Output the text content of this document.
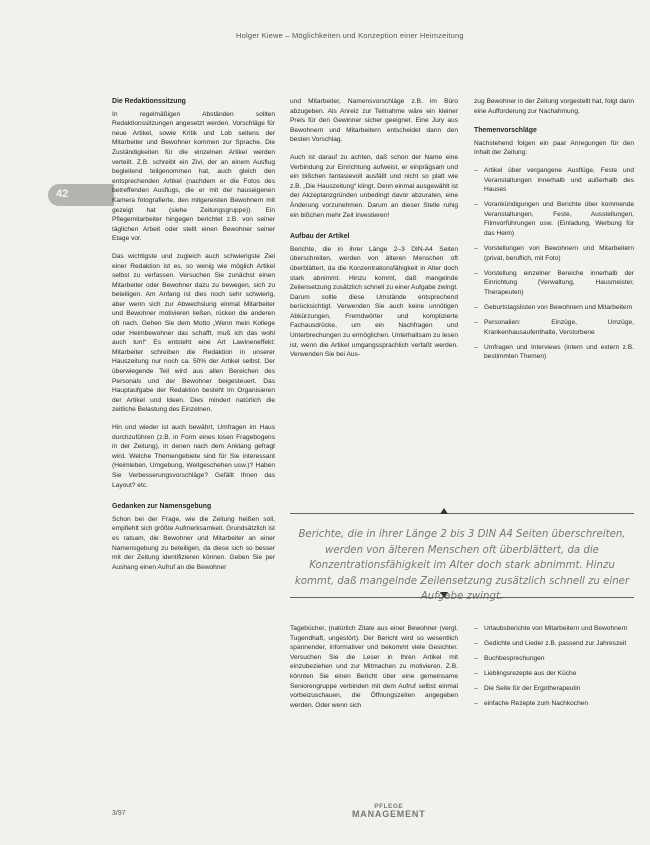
Holger Kiewe – Möglichkeiten und Konzeption einer Heimzeitung
42
Die Redaktionssitzung

In regelmäßigen Abständen sollten Redaktionssitzungen angesetzt werden. Vorschläge für neue Artikel, sowie Kritik und Lob seitens der Mitarbeiter und Bewohner kommen zur Sprache. Die Zuständigkeiten für die einzelnen Artikel werden verteilt. Z.B. schreibt ein Zivi, der an einem Ausflug begleitend teilgenommen hat, auch gleich den entsprechenden Artikel (nachdem er die Fotos des betreffenden Ausflugs, die er mit der hauseigenen Kamera fotografierte, den mitgereisten Bewohnern mit gezeigt hat (siehe Zeitungsgruppe)). Ein Pflegemitarbeiter hingegen berichtet z.B. von seiner täglichen Arbeit oder stellt einen Bewohner seiner Etage vor.

Das wichtigste und zugleich auch schwierigste Ziel einer Redaktion ist es, so wenig wie möglich Artikel selbst zu verfassen. Versuchen Sie zunächst einen Mitarbeiter oder Bewohner dazu zu bewegen, sich zu beteiligen. Am Anfang ist dies noch sehr schwierig, aber wenn sich zur Abwechslung einmal Mitarbeiter und Bewohner motivieren ließen, rücken die anderen oft nach. Gehen Sie dem Motto „Wenn mein Kollege oder Heimbewohner das schafft, muß ich das wohl auch tun!“ Es entsteht eine Art Lawineneffekt: Mitarbeiter schreiben die Redaktion in unserer Hauszeitung nur noch ca. 50% der Artikel selbst. Der überwiegende Teil wird aus allen Bereichen des Personals und der Bewohner beigesteuert. Das Hauptaufgabe der Redaktion besteht im Organisieren der Artikel und Ideen. Dies mindert natürlich die zeitliche Belastung des Einzelnen.

Hin und wieder ist auch bewährt, Umfragen im Haus durchzuführen (z.B. in Form eines losen Fragebogens in der Zeitung), in denen nach dem Anklang gefragt wird. Welche Themengebiete sind für Sie interessant (Heimleben, Umgebung, Weitgeschehen usw.)? Haben Sie Verbesserungsvorschläge? Gefällt Ihnen das Layout? etc.

Gedanken zur Namensgebung

Schon bei der Frage, wie die Zeitung heißen soll, empfiehlt sich größte Aufmerksamkeit. Grundsätzlich ist es ratsam, die Bewohner und Mitarbeiter an einer Namensgebung zu beteiligen, da diese sich so besser mit der Zeitung identifizieren können. Geben Sie per Aushang einen Aufruf an die Bewohner

und Mitarbeiter, Namensvorschläge z.B. im Büro abzugeben. Als Anreiz zur Teilnahme wäre ein kleiner Preis für den Gewinner sicher geeignet. Eine Jury aus Bewohnern und Mitarbeitern entscheidet dann den besten Vorschlag.

Auch ist darauf zu achten, daß schon der Name eine Verbindung zur Einrichtung aufweist, er einprägsam und ein bißchen fantasievoll ausfällt und nicht so platt wie z.B. „Die Hauszeitung“ klingt. Denn einmal ausgewählt ist der Akzeptanzgründen unbedingt davor abzuraten, eine Änderung vorzunehmen. Darum an dieser Stelle ruhig ein bißchen mehr Zeit investieren!

Aufbau der Artikel

Berichte, die in ihrer Länge 2–3 DIN-A4 Seiten überschreiten, werden von älteren Menschen oft überblättert, da die Konzentrationsfähigkeit in Alter doch stark abnimmt. Hinzu kommt, daß mangelnde Zeilensetzung zusätzlich schnell zu einer Aufgabe zwingt. Darum sollte diese Umstände entsprechend berücksichtigt. Verwenden Sie auch keine unnötigen Abkürzungen, Fremdwörter und komplizierte Fachausdrücke, um ein Nachfragen und Unterbrechungen zu ermöglichen. Unterhaltsam zu lesen ist, wenn die Artikel umgangssprachlich verfaßt werden. Verwenden Sie bei Aus-

zug Bewohner in der Zeitung vorgestellt hat, folgt dann eine Aufforderung zur Nachahmung.

Themenvorschläge

Nachstehend folgen ein paar Anregungen für den Inhalt der Zeitung:

– Artikel über vergangene Ausflüge, Feste und Veranstaltungen innerhalb und außerhalb des Hauses
– Vorankündigungen und Berichte über kommende Veranstaltungen, Feste, Ausstellungen, Filmvorführungen usw. (Einladung, Werbung für das Heim)
– Vorstellungen von Bewohnern und Mitarbeitern (privat, beruflich, mit Foto)
– Vorstellung einzelner Bereiche innerhalb der Einrichtung (Verwaltung, Hausmeister, Therapeuten)
– Geburtstagslisten von Bewohnern und Mitarbeitern
– Personalien: Einzüge, Umzüge, Krankenhausaufenthalte, Verstorbene
– Umfragen und Interviews (intern und extern z.B. bestimmten Themen)
Berichte, die in ihrer Länge 2 bis 3 DIN A4 Seiten überschreiten, werden von älteren Menschen oft überblättert, da die Konzentrationsfähigkeit im Alter doch stark abnimmt. Hinzu kommt, daß mangelnde Zeilensetzung zusätzlich schnell zu einer

Tagebücher, (natürlich Zitate aus einer Bewohner (vergl. Tugendhaft, ungestört). Der Bericht wird so wesentlich spannender, informativer und bekommt viele Gesichter. Versuchen Sie die Leser in Ihren Artikel mit einzubeziehen und zur Mitmachen zu motivieren. Z.B. könnten Sie einen Bericht über eine gemeinsame Seniorengruppe verbinden mit dem Aufruf selbst einmal vorbeizuschauen, die Öffnungszeiten angegeben werden. Oder wenn sich

– Urlaubsberichte von Mitarbeitern und Bewohnern
– Gedichte und Lieder z.B. passend zur Jahreszeit
– Buchbesprechungen
– Lieblingsrezepte aus der Küche
– Die Seite für der Ergotherapeutin
– einfache Rezepte zum Nachkochen
3/97
PFLEGE
MANAGEMENT
